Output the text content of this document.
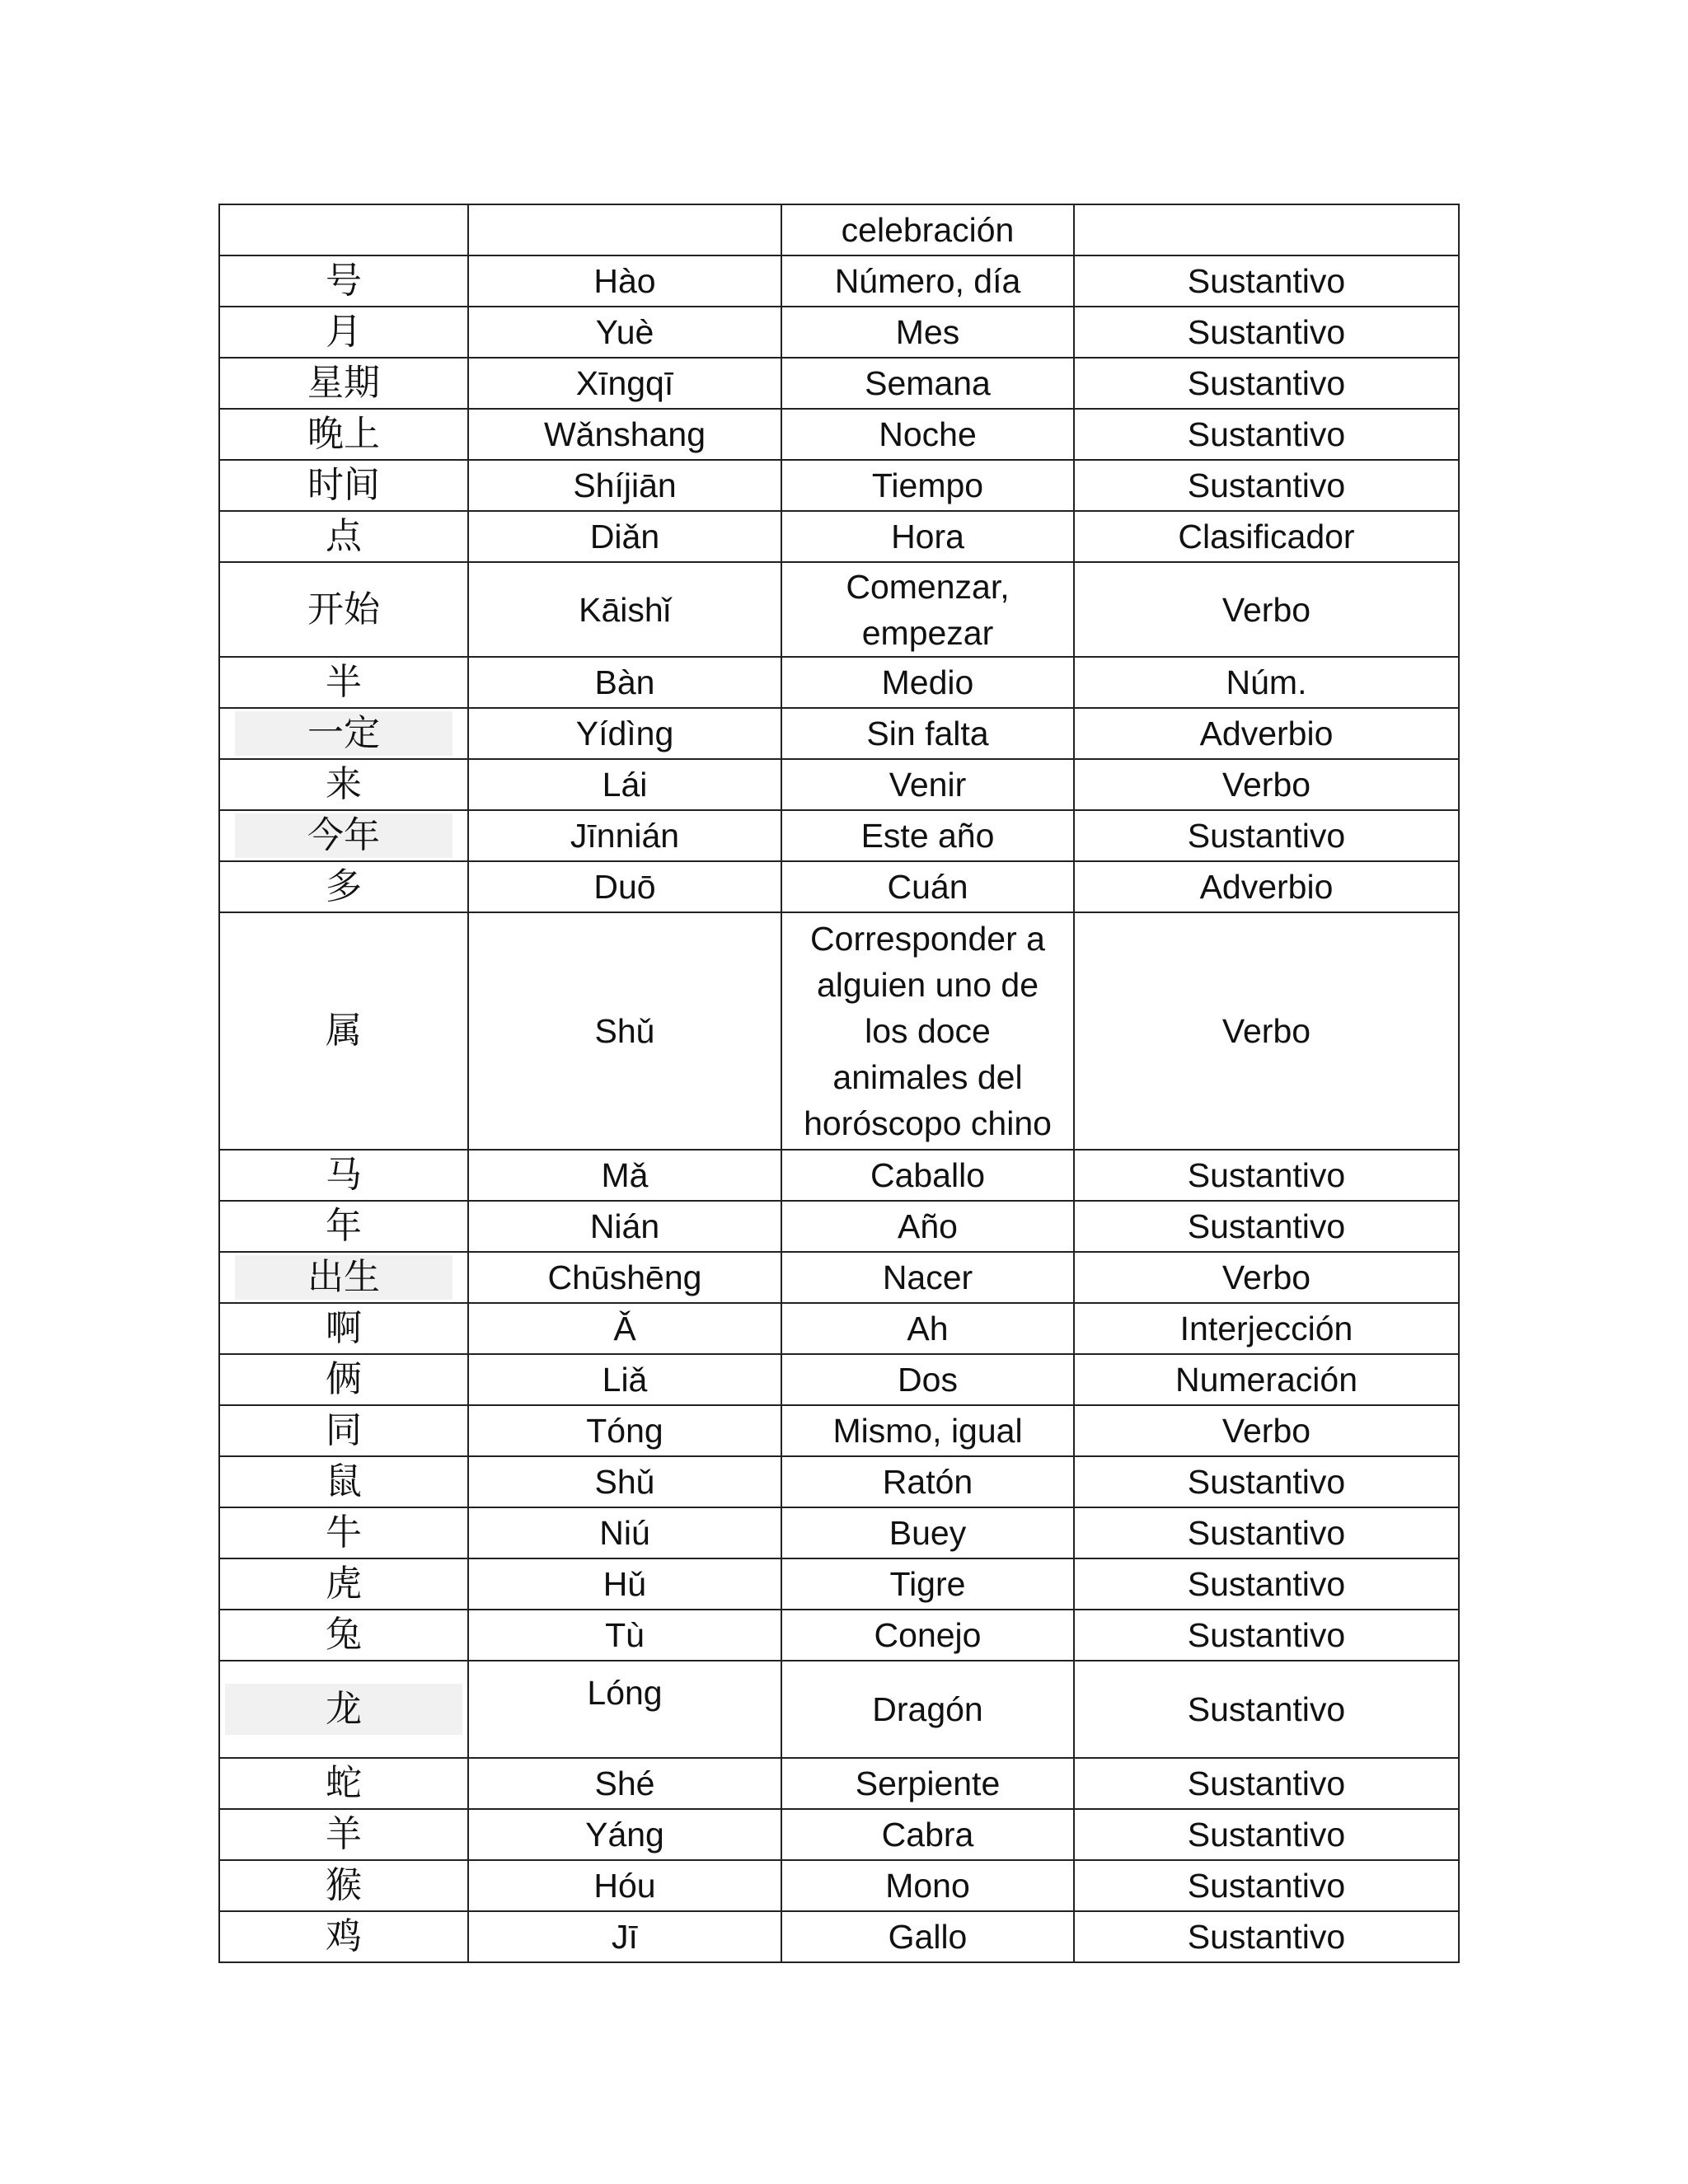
		celebración	
号	Hào	Número, día	Sustantivo
月	Yuè	Mes	Sustantivo
星期	Xīngqī	Semana	Sustantivo
晚上	Wǎnshang	Noche	Sustantivo
时间	Shíjiān	Tiempo	Sustantivo
点	Diǎn	Hora	Clasificador
开始	Kāishǐ	Comenzar, empezar	Verbo
半	Bàn	Medio	Núm.
一定	Yídìng	Sin falta	Adverbio
来	Lái	Venir	Verbo
今年	Jīnnián	Este año	Sustantivo
多	Duō	Cuán	Adverbio
属	Shǔ	Corresponder a alguien uno de los doce animales del horóscopo chino	Verbo
马	Mǎ	Caballo	Sustantivo
年	Nián	Año	Sustantivo
出生	Chūshēng	Nacer	Verbo
啊	Ǎ	Ah	Interjección
俩	Liǎ	Dos	Numeración
同	Tóng	Mismo, igual	Verbo
鼠	Shǔ	Ratón	Sustantivo
牛	Niú	Buey	Sustantivo
虎	Hǔ	Tigre	Sustantivo
兔	Tù	Conejo	Sustantivo
龙	Lóng	Dragón	Sustantivo
蛇	Shé	Serpiente	Sustantivo
羊	Yáng	Cabra	Sustantivo
猴	Hóu	Mono	Sustantivo
鸡	Jī	Gallo	Sustantivo
